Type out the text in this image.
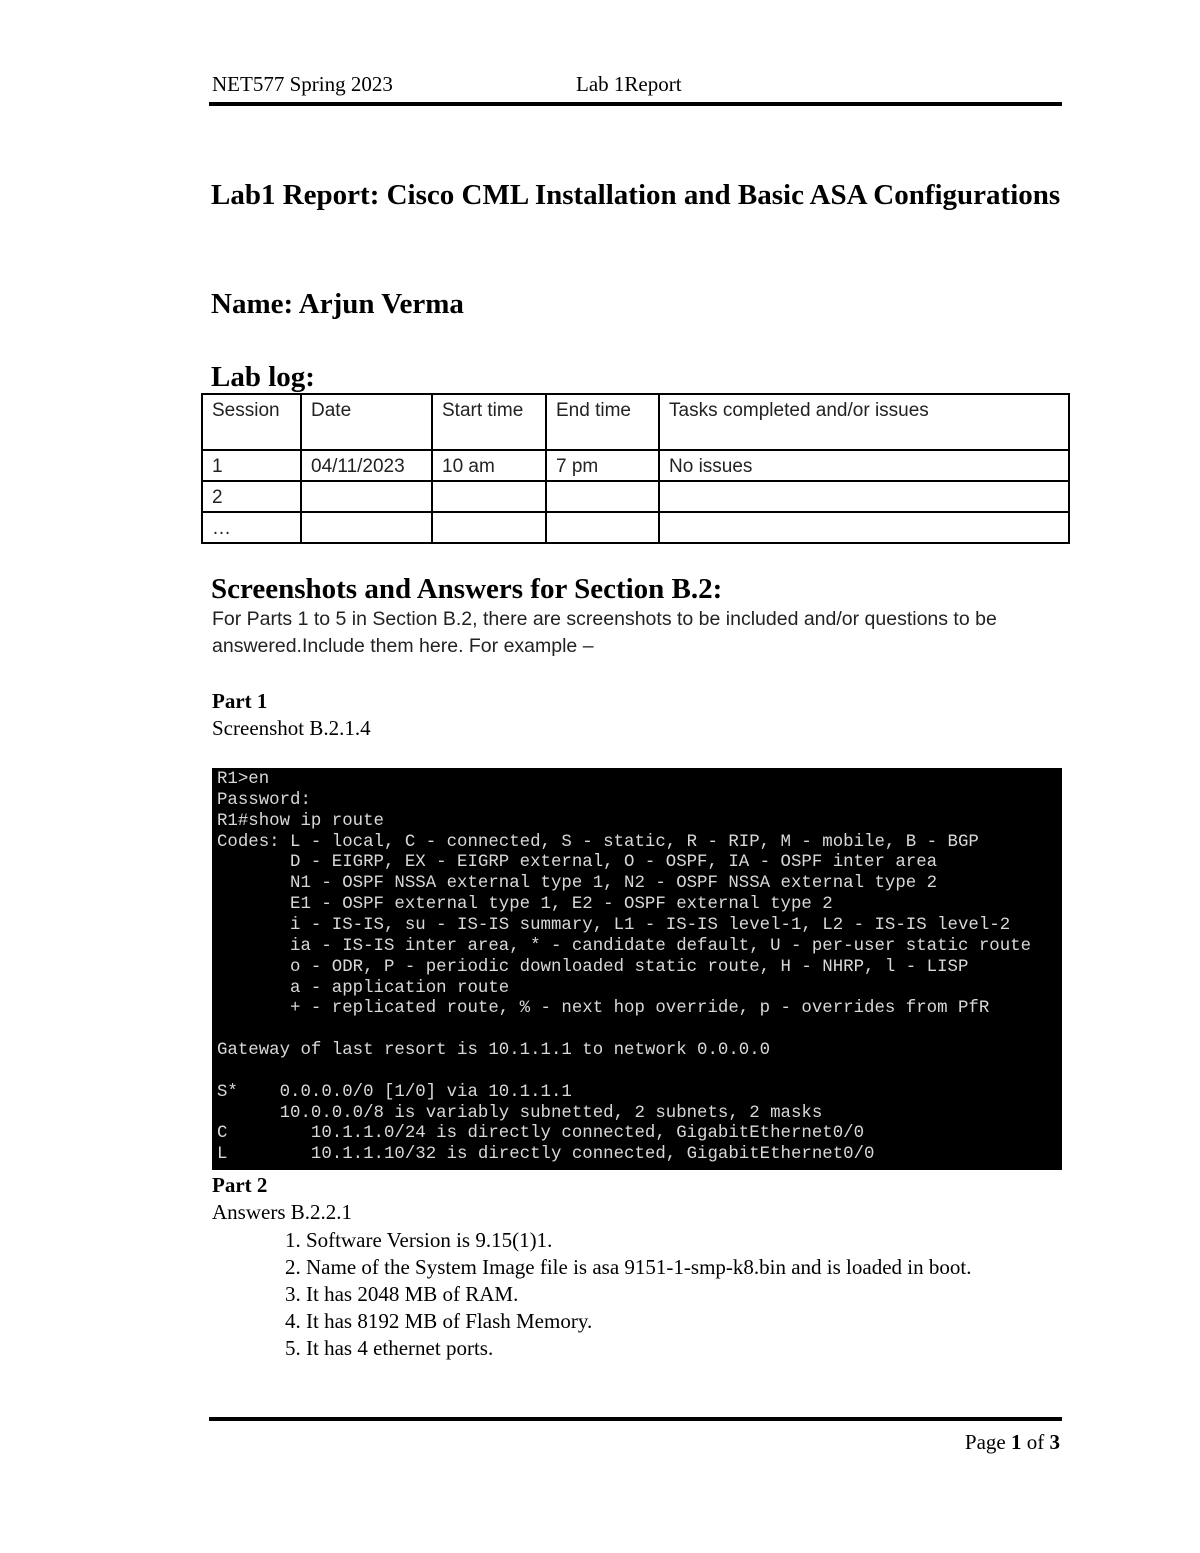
NET577 Spring 2023	Lab 1Report
Lab1 Report: Cisco CML Installation and Basic ASA Configurations
Name: Arjun Verma
Lab log:
Session	Date	Start time	End time	Tasks completed and/or issues
1	04/11/2023	10 am	7 pm	No issues
2				
…				
Screenshots and Answers for Section B.2:
For Parts 1 to 5 in Section B.2, there are screenshots to be included and/or questions to be answered.Include them here. For example –
Part 1
Screenshot B.2.1.4
R1>en
Password:
R1#show ip route
Codes: L - local, C - connected, S - static, R - RIP, M - mobile, B - BGP
D - EIGRP, EX - EIGRP external, O - OSPF, IA - OSPF inter area
N1 - OSPF NSSA external type 1, N2 - OSPF NSSA external type 2
E1 - OSPF external type 1, E2 - OSPF external type 2
i - IS-IS, su - IS-IS summary, L1 - IS-IS level-1, L2 - IS-IS level-2
ia - IS-IS inter area, * - candidate default, U - per-user static route
o - ODR, P - periodic downloaded static route, H - NHRP, l - LISP
a - application route
+ - replicated route, % - next hop override, p - overrides from PfR
Gateway of last resort is 10.1.1.1 to network 0.0.0.0
S*    0.0.0.0/0 [1/0] via 10.1.1.1
10.0.0.0/8 is variably subnetted, 2 subnets, 2 masks
C        10.1.1.0/24 is directly connected, GigabitEthernet0/0
L        10.1.1.10/32 is directly connected, GigabitEthernet0/0
Part 2
Answers B.2.2.1
1. Software Version is 9.15(1)1.
2. Name of the System Image file is asa 9151-1-smp-k8.bin and is loaded in boot.
3. It has 2048 MB of RAM.
4. It has 8192 MB of Flash Memory.
5. It has 4 ethernet ports.
Page 1 of 3
